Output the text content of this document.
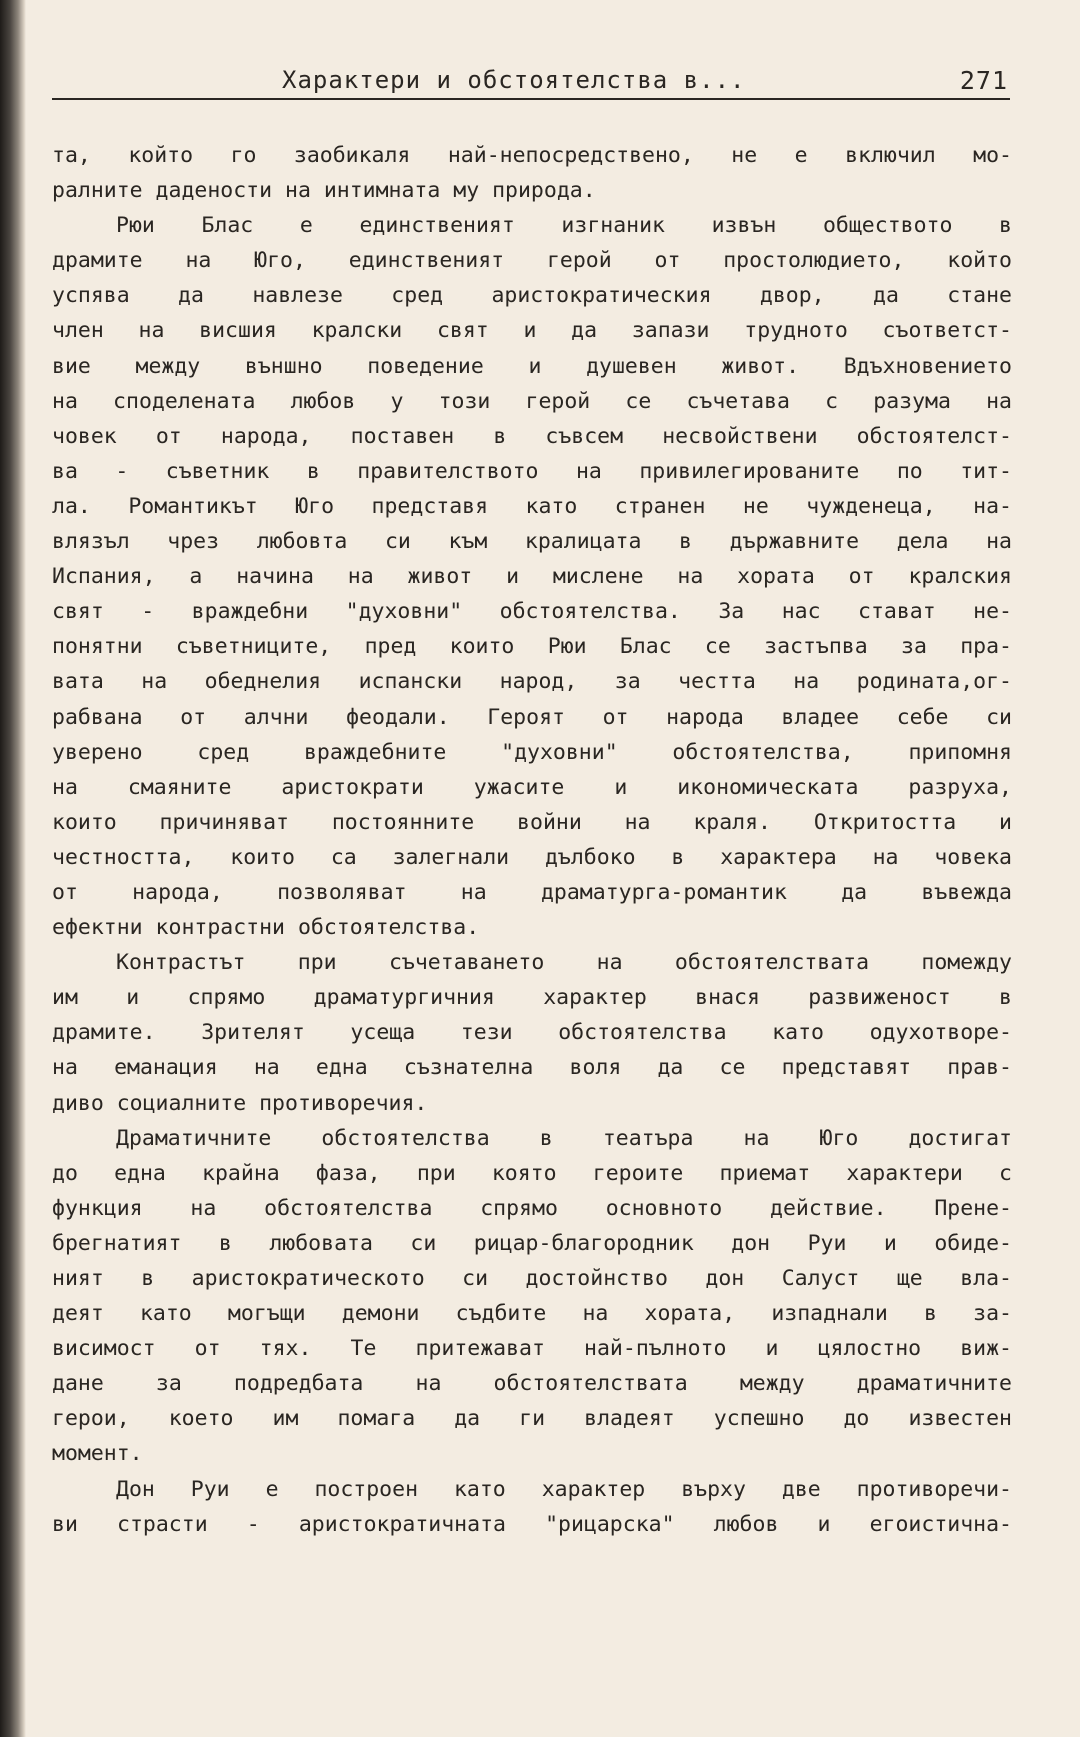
Характери и обстоятелства в...	271
та, който го заобикаля най-непосредствено, не е включил мо-
ралните дадености на интимната му природа.
Рюи Блас е единственият изгнаник извън обществото в
драмите на Юго, единственият герой от простолюдието, който
успява да навлезе сред аристократическия двор, да стане
член на висшия кралски свят и да запази трудното съответст-
вие между външно поведение и душевен живот. Вдъхновението
на споделената любов у този герой се съчетава с разума на
човек от народа, поставен в съвсем несвойствени обстоятелст-
ва - съветник в правителството на привилегированите по тит-
ла. Романтикът Юго представя като странен не чужденеца, на-
влязъл чрез любовта си към кралицата в държавните дела на
Испания, а начина на живот и мислене на хората от кралския
свят - враждебни "духовни" обстоятелства. За нас стават не-
понятни съветниците, пред които Рюи Блас се застъпва за пра-
вата на обеднелия испански народ, за честта на родината,ог-
рабвана от алчни феодали. Героят от народа владее себе си
уверено сред враждебните "духовни" обстоятелства, припомня
на смаяните аристократи ужасите и икономическата разруха,
които причиняват постоянните войни на краля. Откритостта и
честността, които са залегнали дълбоко в характера на човека
от народа, позволяват на драматурга-романтик да въвежда
ефектни контрастни обстоятелства.
Контрастът при съчетаването на обстоятелствата помежду
им и спрямо драматургичния характер внася развиженост в
драмите. Зрителят усеща тези обстоятелства като одухотворе-
на еманация на една съзнателна воля да се представят прав-
диво социалните противоречия.
Драматичните обстоятелства в театъра на Юго достигат
до една крайна фаза, при която героите приемат характери с
функция на обстоятелства спрямо основното действие. Прене-
брегнатият в любовата си рицар-благородник дон Руи и обиде-
ният в аристократическото си достойнство дон Салуст ще вла-
деят като могъщи демони съдбите на хората, изпаднали в за-
висимост от тях. Те притежават най-пълното и цялостно виж-
дане за подредбата на обстоятелствата между драматичните
герои, което им помага да ги владеят успешно до известен
момент.
Дон Руи е построен като характер върху две противоречи-
ви страсти - аристократичната "рицарска" любов и егоистична-
